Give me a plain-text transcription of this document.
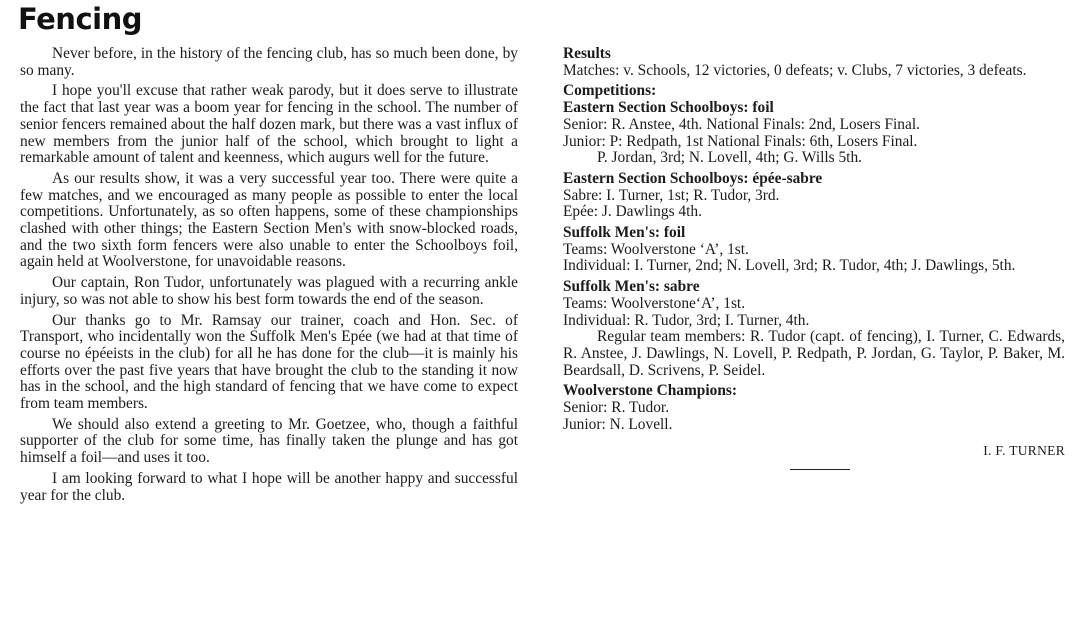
Fencing

Never before, in the history of the fencing club, has so much been done, by so many.

I hope you'll excuse that rather weak parody, but it does serve to illustrate the fact that last year was a boom year for fencing in the school. The number of senior fencers remained about the half dozen mark, but there was a vast influx of new members from the junior half of the school, which brought to light a remarkable amount of talent and keenness, which augurs well for the future.

As our results show, it was a very successful year too. There were quite a few matches, and we encouraged as many people as possible to enter the local competitions. Unfortunately, as so often happens, some of these championships clashed with other things; the Eastern Section Men's with snow-blocked roads, and the two sixth form fencers were also unable to enter the Schoolboys foil, again held at Woolverstone, for unavoidable reasons.

Our captain, Ron Tudor, unfortunately was plagued with a recurring ankle injury, so was not able to show his best form towards the end of the season.

Our thanks go to Mr. Ramsay our trainer, coach and Hon. Sec. of Transport, who incidentally won the Suffolk Men's Epée (we had at that time of course no épéeists in the club) for all he has done for the club—it is mainly his efforts over the past five years that have brought the club to the standing it now has in the school, and the high standard of fencing that we have come to expect from team members.

We should also extend a greeting to Mr. Goetzee, who, though a faithful supporter of the club for some time, has finally taken the plunge and has got himself a foil—and uses it too.

I am looking forward to what I hope will be another happy and successful year for the club.

Results

Matches: v. Schools, 12 victories, 0 defeats; v. Clubs, 7 victories, 3 defeats.

Competitions:

Eastern Section Schoolboys: foil

Senior: R. Anstee, 4th. National Finals: 2nd, Losers Final.

Junior: P: Redpath, 1st National Finals: 6th, Losers Final.

P. Jordan, 3rd; N. Lovell, 4th; G. Wills 5th.

Eastern Section Schoolboys: épée-sabre

Sabre: I. Turner, 1st; R. Tudor, 3rd.

Epée: J. Dawlings 4th.

Suffolk Men's: foil

Teams: Woolverstone ‘A’, 1st.

Individual: I. Turner, 2nd; N. Lovell, 3rd; R. Tudor, 4th; J. Dawlings, 5th.

Suffolk Men's: sabre

Teams: Woolverstone‘A’, 1st.

Individual: R. Tudor, 3rd; I. Turner, 4th.

Regular team members: R. Tudor (capt. of fencing), I. Turner, C. Edwards, R. Anstee, J. Dawlings, N. Lovell, P. Redpath, P. Jordan, G. Taylor, P. Baker, M. Beardsall, D. Scrivens, P. Seidel.

Woolverstone Champions:

Senior: R. Tudor.

Junior: N. Lovell.

I. F. TURNER
